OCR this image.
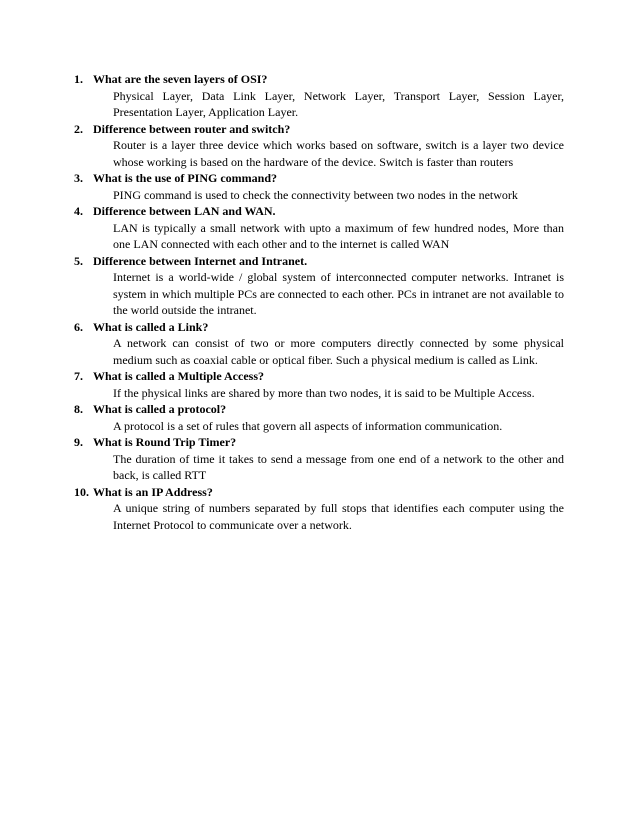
1. What are the seven layers of OSI?

Physical Layer, Data Link Layer, Network Layer, Transport Layer, Session Layer, Presentation Layer, Application Layer.

2. Difference between router and switch?

Router is a layer three device which works based on software, switch is a layer two device whose working is based on the hardware of the device. Switch is faster than routers

3. What is the use of PING command?

PING command is used to check the connectivity between two nodes in the network

4. Difference between LAN and WAN.

LAN is typically a small network with upto a maximum of few hundred nodes, More than one LAN connected with each other and to the internet is called WAN

5. Difference between Internet and Intranet.

Internet is a world-wide / global system of interconnected computer networks. Intranet is system in which multiple PCs are connected to each other. PCs in intranet are not available to the world outside the intranet.

6. What is called a Link?

A network can consist of two or more computers directly connected by some physical medium such as coaxial cable or optical fiber. Such a physical medium is called as Link.

7. What is called a Multiple Access?

If the physical links are shared by more than two nodes, it is said to be Multiple Access.

8. What is called a protocol?

A protocol is a set of rules that govern all aspects of information communication.

9. What is Round Trip Timer?

The duration of time it takes to send a message from one end of a network to the other and back, is called RTT

10. What is an IP Address?

A unique string of numbers separated by full stops that identifies each computer using the Internet Protocol to communicate over a network.
